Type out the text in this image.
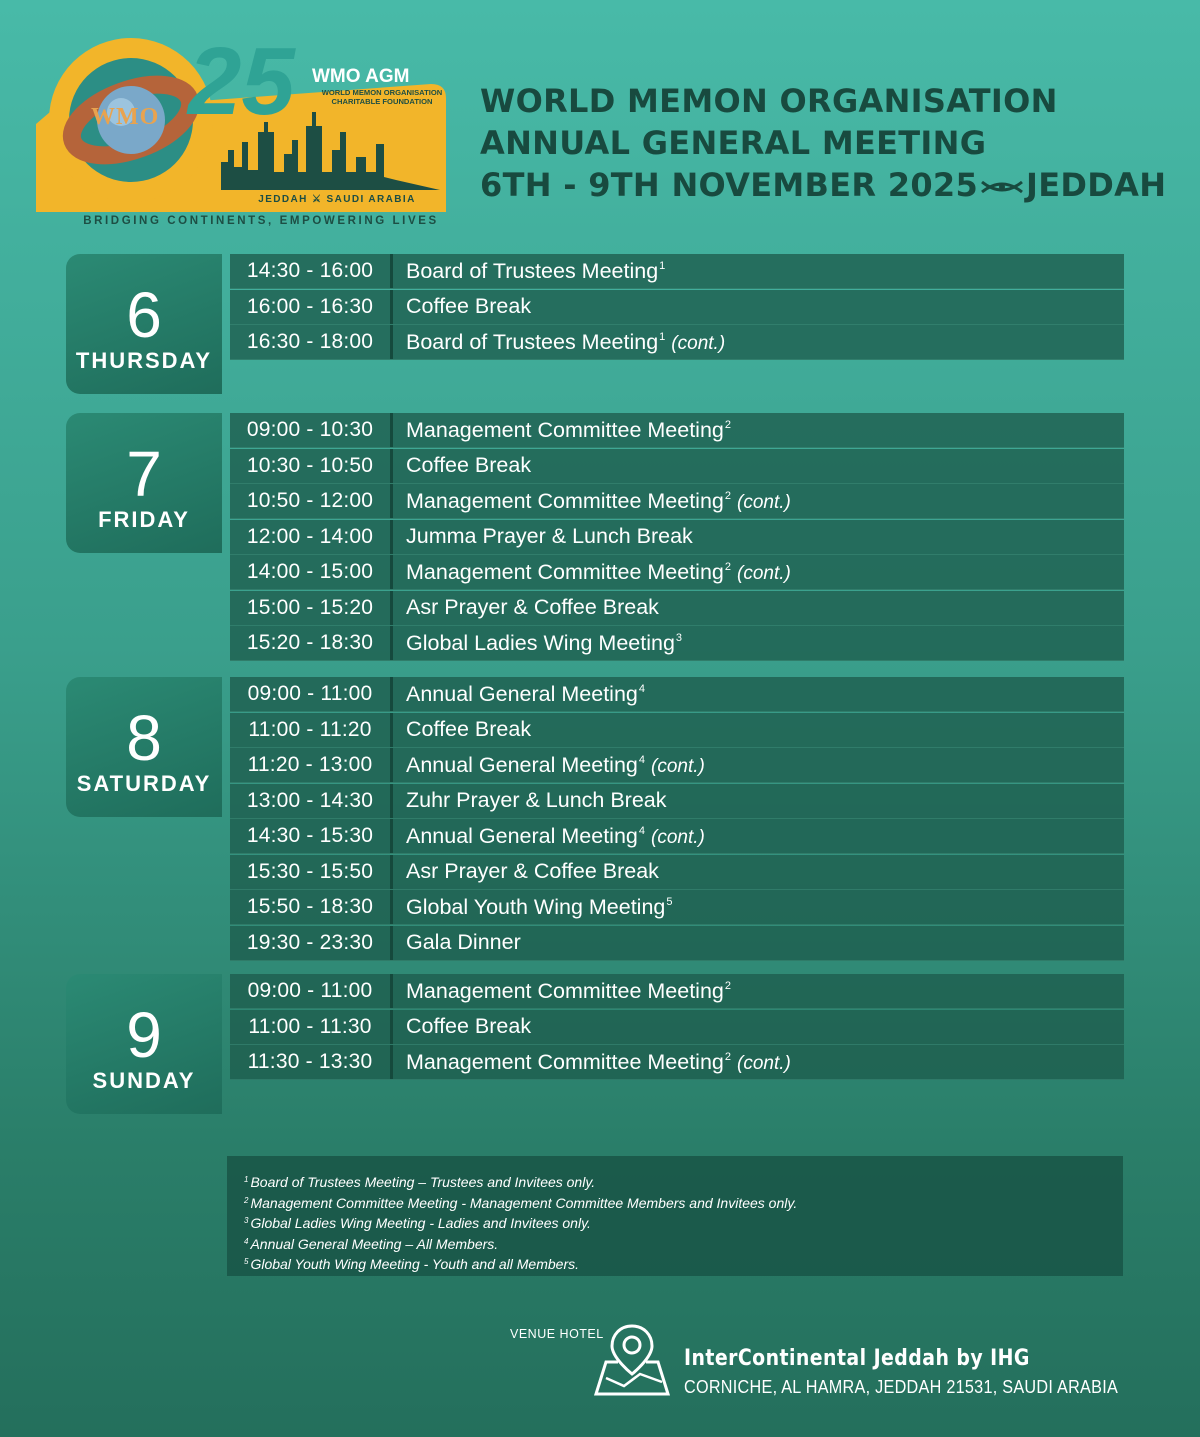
25
WMO
WMO AGM
WORLD MEMON ORGANISATION CHARITABLE FOUNDATION
JEDDAH ⚔ SAUDI ARABIA
BRIDGING CONTINENTS, EMPOWERING LIVES
WORLD MEMON ORGANISATION
ANNUAL GENERAL MEETING
6TH - 9TH NOVEMBER 2025 JEDDAH
6
THURSDAY
14:30 - 16:00	Board of Trustees Meeting$^1$
16:00 - 16:30	Coffee Break
16:30 - 18:00	Board of Trustees Meeting$^1$ (cont.)
7
FRIDAY
09:00 - 10:30	Management Committee Meeting$^2$
10:30 - 10:50	Coffee Break
10:50 - 12:00	Management Committee Meeting$^2$ (cont.)
12:00 - 14:00	Jumma Prayer & Lunch Break
14:00 - 15:00	Management Committee Meeting$^2$ (cont.)
15:00 - 15:20	Asr Prayer & Coffee Break
15:20 - 18:30	Global Ladies Wing Meeting$^3$
8
SATURDAY
09:00 - 11:00	Annual General Meeting$^4$
11:00 - 11:20	Coffee Break
11:20 - 13:00	Annual General Meeting$^4$ (cont.)
13:00 - 14:30	Zuhr Prayer & Lunch Break
14:30 - 15:30	Annual General Meeting$^4$ (cont.)
15:30 - 15:50	Asr Prayer & Coffee Break
15:50 - 18:30	Global Youth Wing Meeting$^5$
19:30 - 23:30	Gala Dinner
9
SUNDAY
09:00 - 11:00	Management Committee Meeting$^2$
11:00 - 11:30	Coffee Break
11:30 - 13:30	Management Committee Meeting$^2$ (cont.)
$^1$ Board of Trustees Meeting – Trustees and Invitees only.
$^2$ Management Committee Meeting - Management Committee Members and Invitees only.
$^3$ Global Ladies Wing Meeting - Ladies and Invitees only.
$^4$ Annual General Meeting – All Members.
$^5$ Global Youth Wing Meeting - Youth and all Members.
VENUE HOTEL
InterContinental Jeddah by IHG
CORNICHE, AL HAMRA, JEDDAH 21531, SAUDI ARABIA
